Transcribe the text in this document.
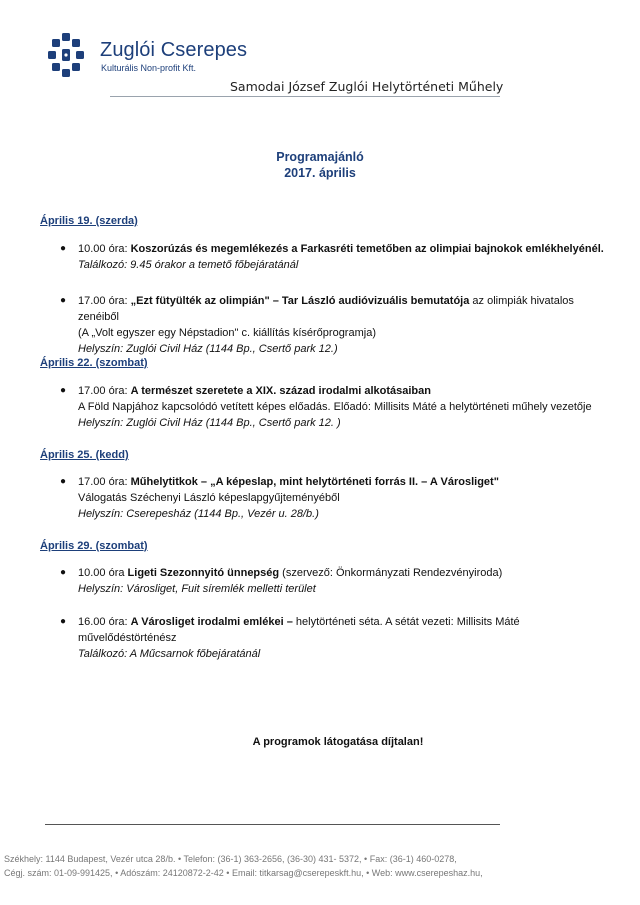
Zuglói Cserepes
Kulturális Non-profit Kft.
Samodai József Zuglói Helytörténeti Műhely
Programajánló
2017. április
Április 19. (szerda)
● 10.00 óra: Koszorúzás és megemlékezés a Farkasréti temetőben az olimpiai bajnokok emlékhelyénél.
Találkozó: 9.45 órakor a temető főbejáratánál
● 17.00 óra: „Ezt fütyülték az olimpián" – Tar László audióvizuális bemutatója az olimpiák hivatalos zenéiből
(A „Volt egyszer egy Népstadion" c. kiállítás kísérőprogramja)
Helyszín: Zuglói Civil Ház (1144 Bp., Csertő park 12.)
Április 22. (szombat)
● 17.00 óra: A természet szeretete a XIX. század irodalmi alkotásaiban
A Föld Napjához kapcsolódó vetített képes előadás. Előadó: Millisits Máté a helytörténeti műhely vezetője
Helyszín: Zuglói Civil Ház (1144 Bp., Csertő park 12. )
Április 25. (kedd)
● 17.00 óra: Műhelytitkok – „A képeslap, mint helytörténeti forrás II. – A Városliget"
Válogatás Széchenyi László képeslapgyűjteményéből
Helyszín: Cserepesház (1144 Bp., Vezér u. 28/b.)
Április 29. (szombat)
● 10.00 óra Ligeti Szezonnyitó ünnepség (szervező: Önkormányzati Rendezvényiroda)
Helyszín: Városliget, Fuit síremlék melletti terület
● 16.00 óra: A Városliget irodalmi emlékei – helytörténeti séta. A sétát vezeti: Millisits Máté
művelődéstörténész
Találkozó: A Műcsarnok főbejáratánál
A programok látogatása díjtalan!
Székhely: 1144 Budapest, Vezér utca 28/b. • Telefon: (36-1) 363-2656, (36-30) 431- 5372, • Fax: (36-1) 460-0278,
Cégj. szám: 01-09-991425, • Adószám: 24120872-2-42 • Email: titkarsag@cserepeskft.hu, • Web: www.cserepeshaz.hu,
